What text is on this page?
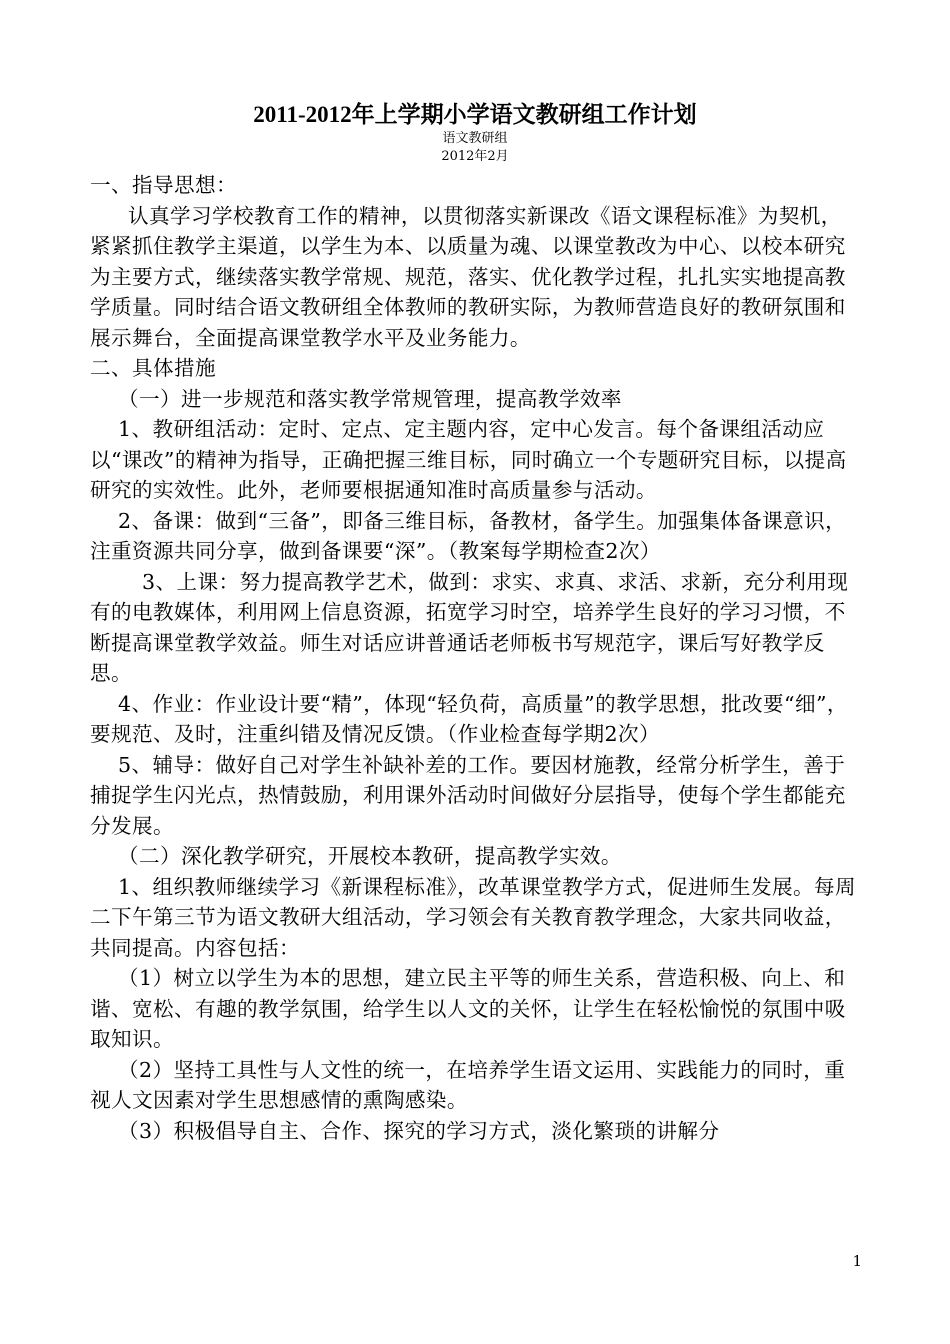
2011-2012年上学期小学语文教研组工作计划
语文教研组
2012年2月

一、指导思想：

认真学习学校教育工作的精神，以贯彻落实新课改《语文课程标准》为契机，紧紧抓住教学主渠道，以学生为本、以质量为魂、以课堂教改为中心、以校本研究为主要方式，继续落实教学常规、规范，落实、优化教学过程，扎扎实实地提高教学质量。同时结合语文教研组全体教师的教研实际，为教师营造良好的教研氛围和展示舞台，全面提高课堂教学水平及业务能力。

二、具体措施

（一）进一步规范和落实教学常规管理，提高教学效率

1、教研组活动：定时、定点、定主题内容，定中心发言。每个备课组活动应以“课改”的精神为指导，正确把握三维目标，同时确立一个专题研究目标，以提高研究的实效性。此外，老师要根据通知准时高质量参与活动。

2、备课：做到“三备”，即备三维目标，备教材，备学生。加强集体备课意识，注重资源共同分享，做到备课要“深”。（教案每学期检查2次）

3、上课：努力提高教学艺术，做到：求实、求真、求活、求新，充分利用现有的电教媒体，利用网上信息资源，拓宽学习时空，培养学生良好的学习习惯，不断提高课堂教学效益。师生对话应讲普通话老师板书写规范字，课后写好教学反思。

4、作业：作业设计要“精”，体现“轻负荷，高质量”的教学思想，批改要“细”，要规范、及时，注重纠错及情况反馈。（作业检查每学期2次）

5、辅导：做好自己对学生补缺补差的工作。要因材施教，经常分析学生，善于捕捉学生闪光点，热情鼓励，利用课外活动时间做好分层指导，使每个学生都能充分发展。

（二）深化教学研究，开展校本教研，提高教学实效。

1、组织教师继续学习《新课程标准》，改革课堂教学方式，促进师生发展。每周二下午第三节为语文教研大组活动，学习领会有关教育教学理念，大家共同收益，共同提高。内容包括：

（1）树立以学生为本的思想，建立民主平等的师生关系，营造积极、向上、和谐、宽松、有趣的教学氛围，给学生以人文的关怀，让学生在轻松愉悦的氛围中吸取知识。

（2）坚持工具性与人文性的统一，在培养学生语文运用、实践能力的同时，重视人文因素对学生思想感情的熏陶感染。

（3）积极倡导自主、合作、探究的学习方式，淡化繁琐的讲解分

1
